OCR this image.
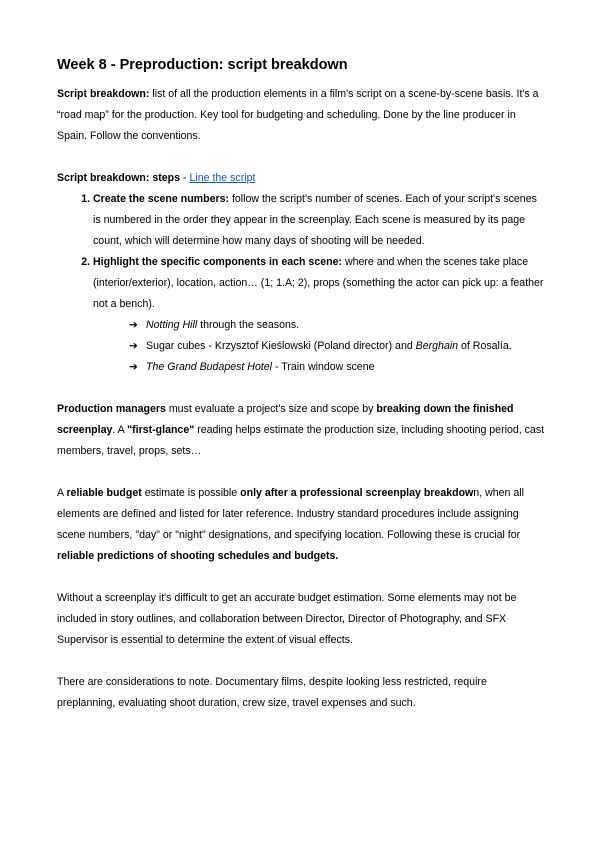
Week 8 - Preproduction: script breakdown

Script breakdown: list of all the production elements in a film's script on a scene-by-scene basis. It's a “road map” for the production. Key tool for budgeting and scheduling. Done by the line producer in Spain. Follow the conventions.

Script breakdown: steps - Line the script

1. Create the scene numbers: follow the script's number of scenes. Each of your script's scenes is numbered in the order they appear in the screenplay. Each scene is measured by its page count, which will determine how many days of shooting will be needed.
2. Highlight the specific components in each scene: where and when the scenes take place (interior/exterior), location, action… (1; 1.A; 2), props (something the actor can pick up: a feather not a bench).
➔ Notting Hill through the seasons.
➔ Sugar cubes - Krzysztof Kieślowski (Poland director) and Berghain of Rosalía.
➔ The Grand Budapest Hotel - Train window scene

Production managers must evaluate a project's size and scope by breaking down the finished screenplay. A "first-glance" reading helps estimate the production size, including shooting period, cast members, travel, props, sets…

A reliable budget estimate is possible only after a professional screenplay breakdown, when all elements are defined and listed for later reference. Industry standard procedures include assigning scene numbers, "day" or "night" designations, and specifying location. Following these is crucial for reliable predictions of shooting schedules and budgets.

Without a screenplay it's difficult to get an accurate budget estimation. Some elements may not be included in story outlines, and collaboration between Director, Director of Photography, and SFX Supervisor is essential to determine the extent of visual effects.

There are considerations to note. Documentary films, despite looking less restricted, require preplanning, evaluating shoot duration, crew size, travel expenses and such.
